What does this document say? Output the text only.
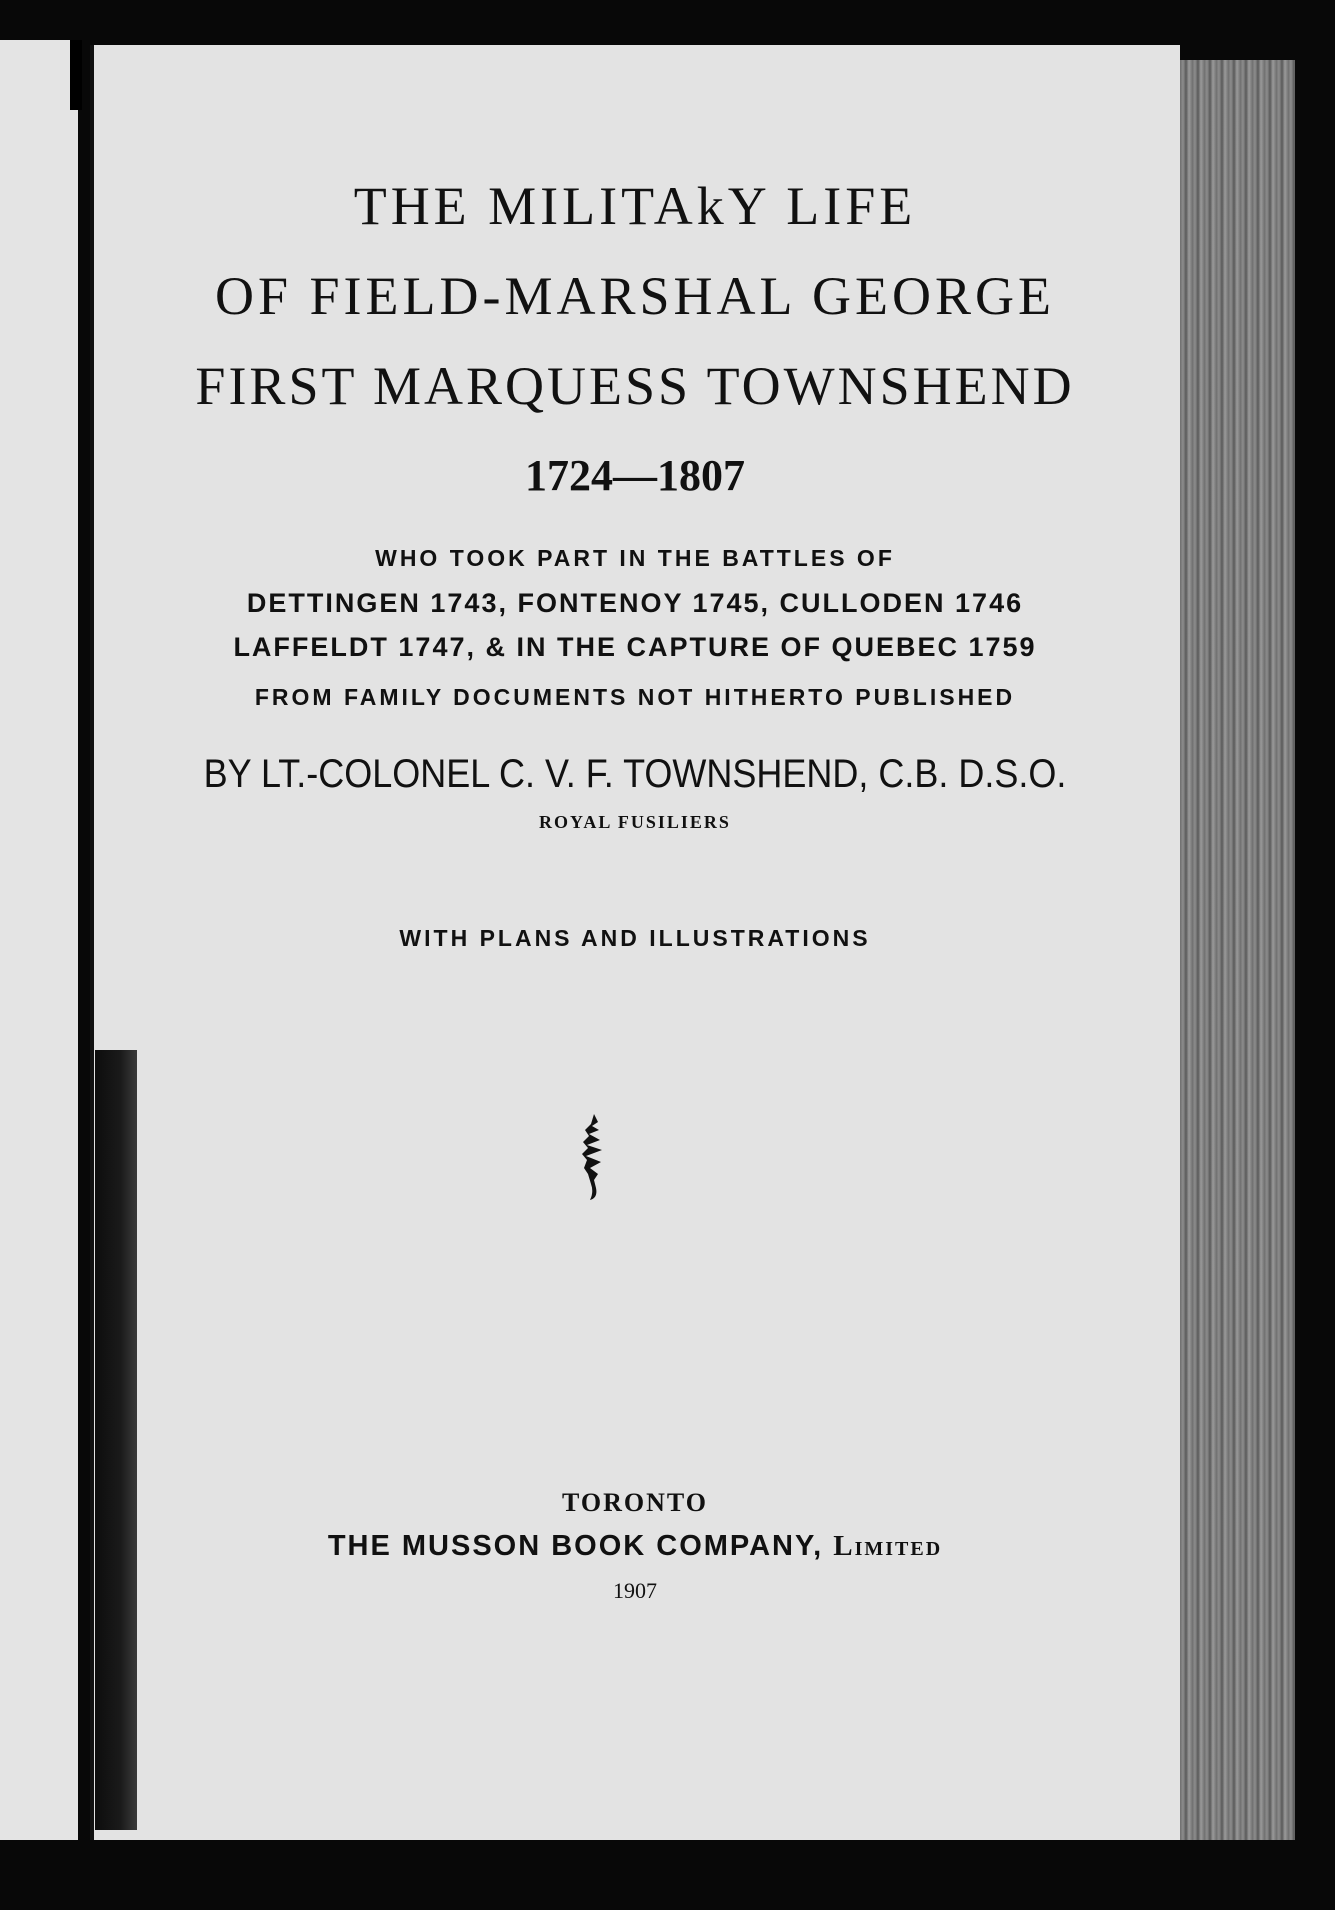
THE MILITAkY LIFE
OF FIELD-MARSHAL GEORGE
FIRST MARQUESS TOWNSHEND
1724—1807
WHO TOOK PART IN THE BATTLES OF
DETTINGEN 1743, FONTENOY 1745, CULLODEN 1746
LAFFELDT 1747, & IN THE CAPTURE OF QUEBEC 1759
FROM FAMILY DOCUMENTS NOT HITHERTO PUBLISHED
BY LT.-COLONEL C. V. F. TOWNSHEND, C.B. D.S.O.
ROYAL FUSILIERS
WITH PLANS AND ILLUSTRATIONS
TORONTO
THE MUSSON BOOK COMPANY, Limited
1907
